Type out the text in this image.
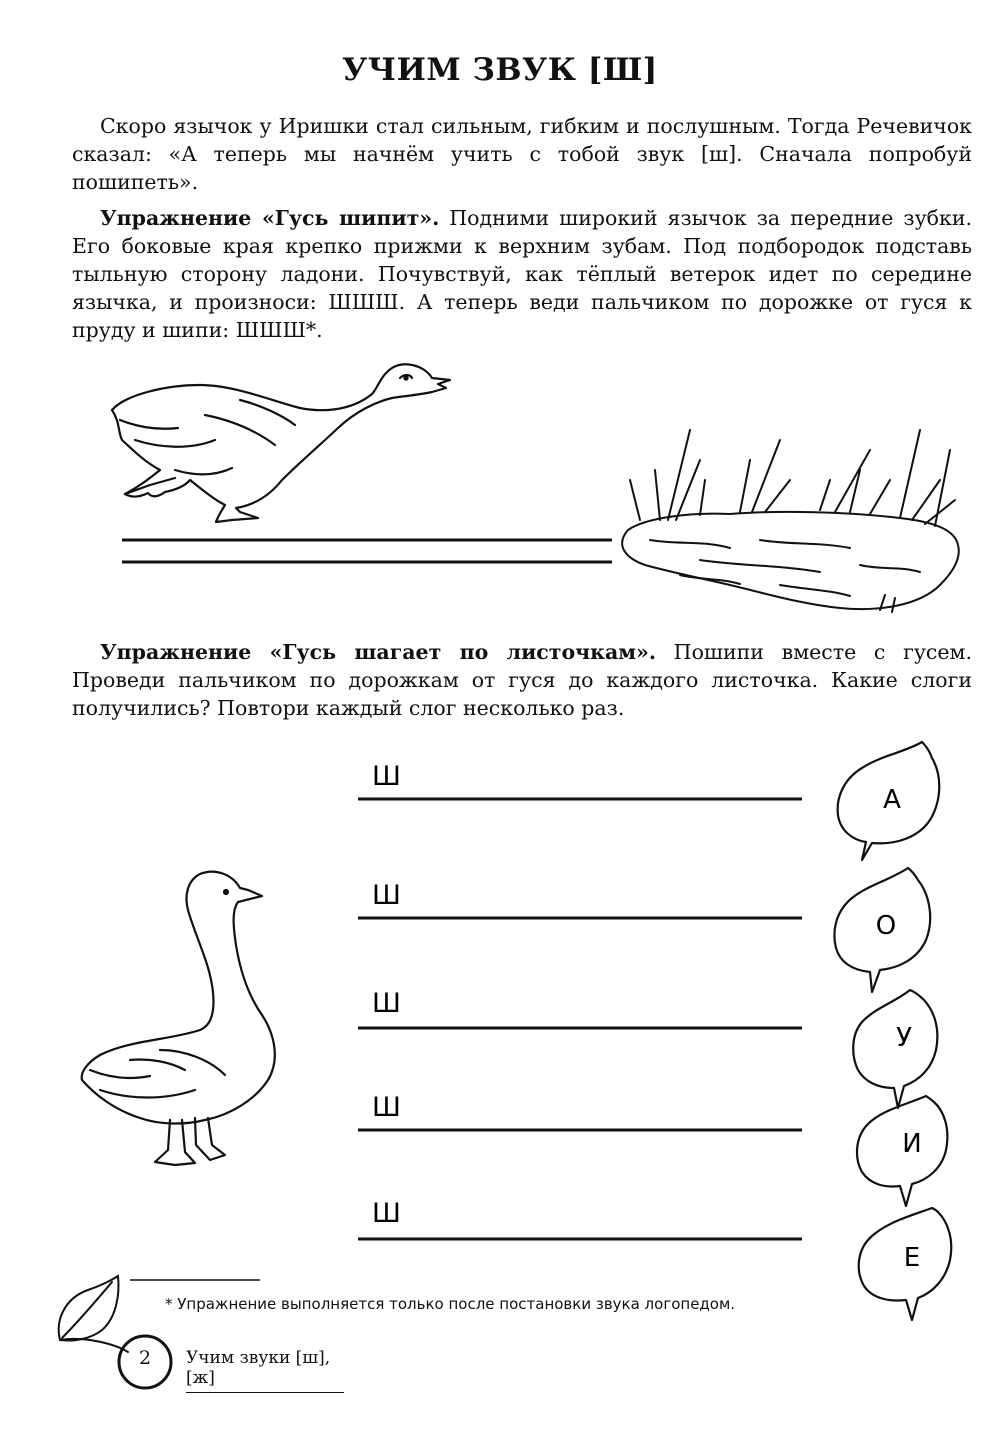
УЧИМ ЗВУК [Ш]

Скоро язычок у Иришки стал сильным, гибким и послушным. Тогда Речевичок сказал: «А теперь мы начнём учить с тобой звук [ш]. Сначала попробуй пошипеть».

Упражнение «Гусь шипит». Подними широкий язычок за передние зубки. Его боковые края крепко прижми к верхним зубам. Под подбородок подставь тыльную сторону ладони. Почувствуй, как тёплый ветерок идет по середине язычка, и произноси: ШШШ. А теперь веди пальчиком по дорожке от гуся к пруду и шипи: ШШШ*.

Упражнение «Гусь шагает по листочкам». Пошипи вместе с гусем. Проведи пальчиком по дорожкам от гуся до каждого листочка. Какие слоги получились? Повтори каждый слог несколько раз.

Ш
Ш
Ш
Ш
Ш
А
О
У
И
Е
* Упражнение выполняется только после постановки звука логопедом.
2	Учим звуки [ш], [ж]
